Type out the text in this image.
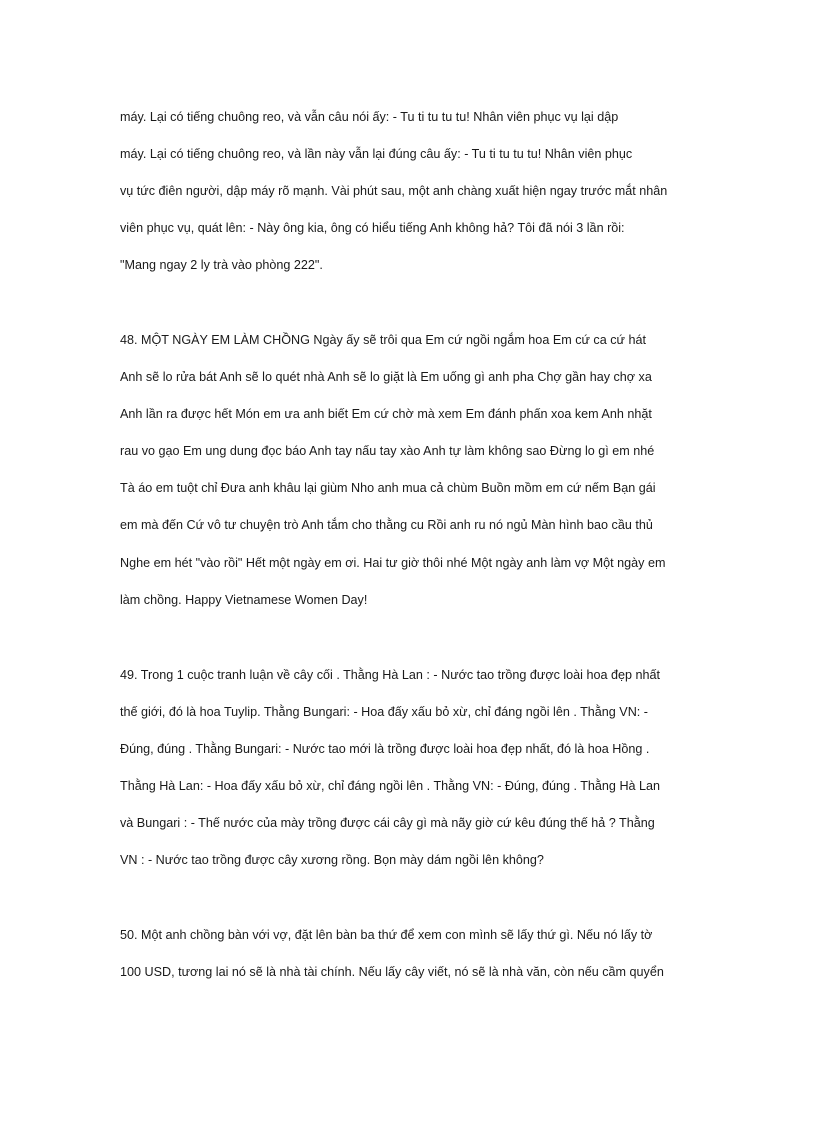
máy. Lại có tiếng chuông reo, và vẫn câu nói ấy: - Tu ti tu tu tu! Nhân viên phục vụ lại dập
máy. Lại có tiếng chuông reo, và lần này vẫn lại đúng câu ấy: - Tu ti tu tu tu! Nhân viên phục
vụ tức điên người, dập máy rõ mạnh. Vài phút sau, một anh chàng xuất hiện ngay trước mắt nhân
viên phục vụ, quát lên: - Này ông kia, ông có hiểu tiếng Anh không hả? Tôi đã nói 3 lần rồi:
"Mang ngay 2 ly trà vào phòng 222".
48. MỘT NGÀY EM LÀM CHỒNG Ngày ấy sẽ trôi qua Em cứ ngồi ngắm hoa Em cứ ca cứ hát
Anh sẽ lo rửa bát Anh sẽ lo quét nhà Anh sẽ lo giặt là Em uống gì anh pha Chợ gần hay chợ xa
Anh lần ra được hết Món em ưa anh biết Em cứ chờ mà xem Em đánh phấn xoa kem Anh nhặt
rau vo gạo Em ung dung đọc báo Anh tay nấu tay xào Anh tự làm không sao Đừng lo gì em nhé
Tà áo em tuột chỉ Đưa anh khâu lại giùm Nho anh mua cả chùm Buồn mồm em cứ nếm Bạn gái
em mà đến Cứ vô tư chuyện trò Anh tắm cho thằng cu Rồi anh ru nó ngủ Màn hình bao cầu thủ
Nghe em hét "vào rồi" Hết một ngày em ơi. Hai tư giờ thôi nhé Một ngày anh làm vợ Một ngày em
làm chồng. Happy Vietnamese Women Day!
49. Trong 1 cuộc tranh luận về cây cối . Thằng Hà Lan : - Nước tao trồng được loài hoa đẹp nhất
thế giới, đó là hoa Tuylip. Thằng Bungari: - Hoa đấy xấu bỏ xừ, chỉ đáng ngồi lên . Thằng VN: -
Đúng, đúng . Thằng Bungari: - Nước tao mới là trồng được loài hoa đẹp nhất, đó là hoa Hồng .
Thằng Hà Lan: - Hoa đấy xấu bỏ xừ, chỉ đáng ngồi lên . Thằng VN: - Đúng, đúng . Thằng Hà Lan
và Bungari : - Thế nước của mày trồng được cái cây gì mà nãy giờ cứ kêu đúng thế hả ? Thằng
VN : - Nước tao trồng được cây xương rồng. Bọn mày dám ngồi lên không?
50. Một anh chồng bàn với vợ, đặt lên bàn ba thứ để xem con mình sẽ lấy thứ gì. Nếu nó lấy tờ
100 USD, tương lai nó sẽ là nhà tài chính. Nếu lấy cây viết, nó sẽ là nhà văn, còn nếu cầm quyển
